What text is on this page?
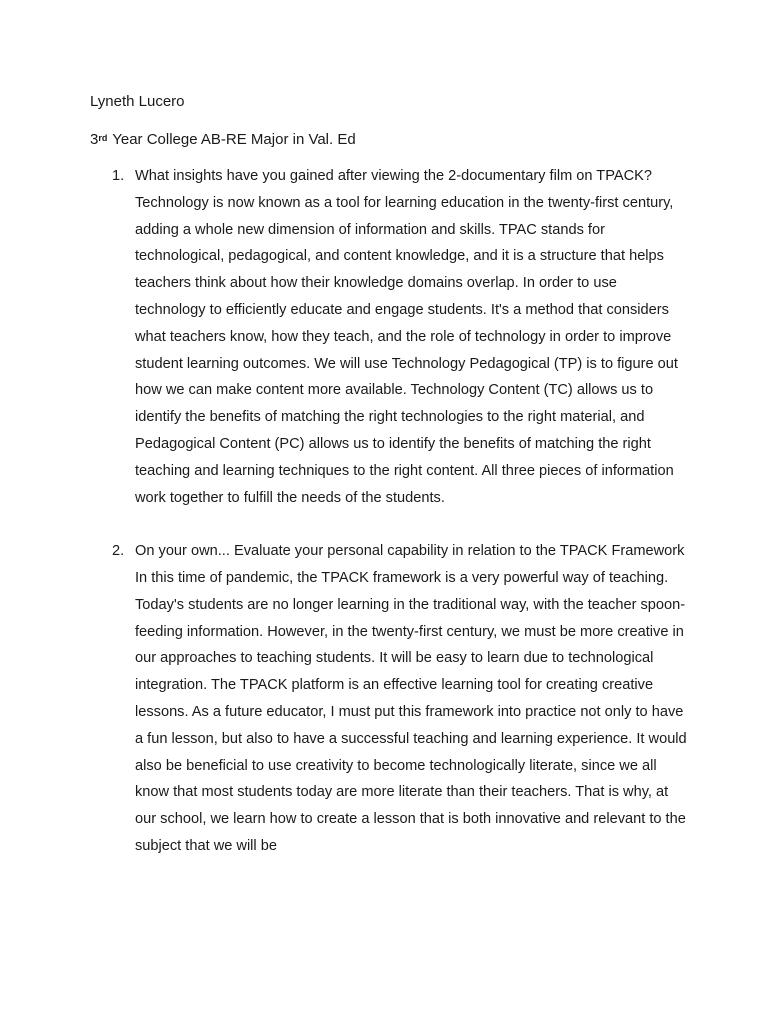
Lyneth Lucero

3rd Year College AB-RE Major in Val. Ed

1. What insights have you gained after viewing the 2-documentary film on TPACK?
Technology is now known as a tool for learning education in the twenty-first century, adding a whole new dimension of information and skills. TPAC stands for technological, pedagogical, and content knowledge, and it is a structure that helps teachers think about how their knowledge domains overlap. In order to use technology to efficiently educate and engage students. It's a method that considers what teachers know, how they teach, and the role of technology in order to improve student learning outcomes. We will use Technology Pedagogical (TP) is to figure out how we can make content more available. Technology Content (TC) allows us to identify the benefits of matching the right technologies to the right material, and Pedagogical Content (PC) allows us to identify the benefits of matching the right teaching and learning techniques to the right content. All three pieces of information work together to fulfill the needs of the students.
2. On your own... Evaluate your personal capability in relation to the TPACK Framework
In this time of pandemic, the TPACK framework is a very powerful way of teaching. Today's students are no longer learning in the traditional way, with the teacher spoon-feeding information. However, in the twenty-first century, we must be more creative in our approaches to teaching students. It will be easy to learn due to technological integration. The TPACK platform is an effective learning tool for creating creative lessons. As a future educator, I must put this framework into practice not only to have a fun lesson, but also to have a successful teaching and learning experience. It would also be beneficial to use creativity to become technologically literate, since we all know that most students today are more literate than their teachers. That is why, at our school, we learn how to create a lesson that is both innovative and relevant to the subject that we will be
